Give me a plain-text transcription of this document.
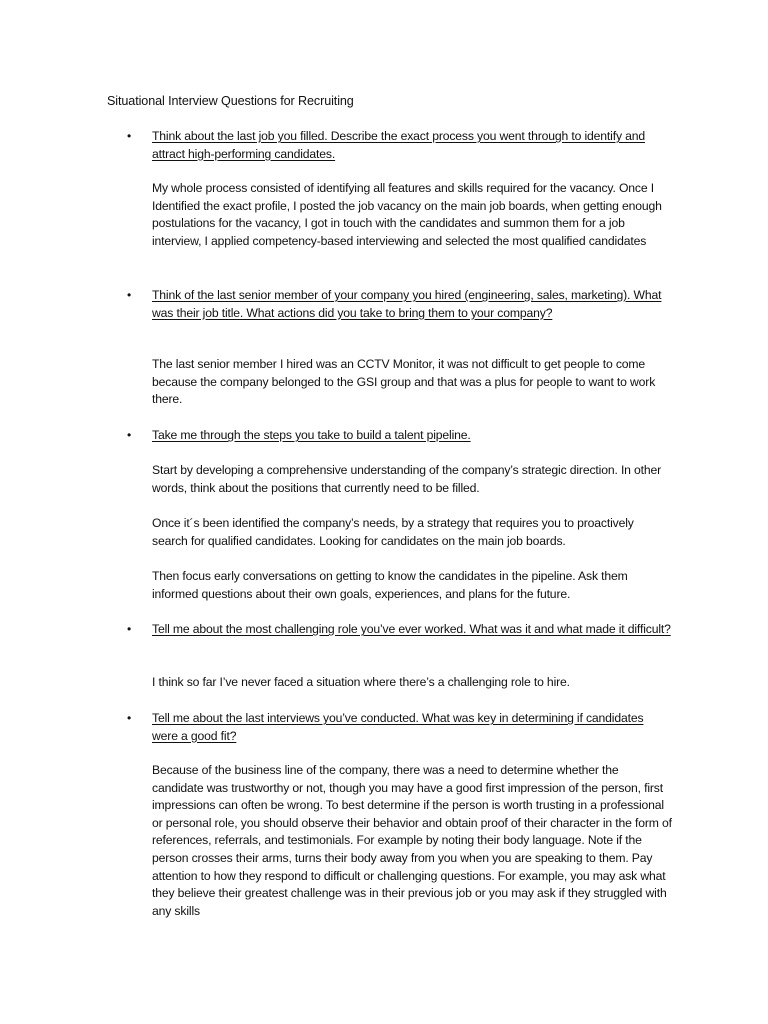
Situational Interview Questions for Recruiting
• Think about the last job you filled. Describe the exact process you went through to identify and attract high-performing candidates.

My whole process consisted of identifying all features and skills required for the vacancy. Once I Identified the exact profile, I posted the job vacancy on the main job boards, when getting enough postulations for the vacancy, I got in touch with the candidates and summon them for a job interview, I applied competency-based interviewing and selected the most qualified candidates

• Think of the last senior member of your company you hired (engineering, sales, marketing). What was their job title. What actions did you take to bring them to your company?

The last senior member I hired was an CCTV Monitor, it was not difficult to get people to come because the company belonged to the GSI group and that was a plus for people to want to work there.

• Take me through the steps you take to build a talent pipeline.

Start by developing a comprehensive understanding of the company’s strategic direction. In other words, think about the positions that currently need to be filled.

Once it´s been identified the company’s needs, by a strategy that requires you to proactively search for qualified candidates. Looking for candidates on the main job boards.

Then focus early conversations on getting to know the candidates in the pipeline. Ask them informed questions about their own goals, experiences, and plans for the future.

• Tell me about the most challenging role you’ve ever worked. What was it and what made it difficult?

I think so far I’ve never faced a situation where there’s a challenging role to hire.

• Tell me about the last interviews you’ve conducted. What was key in determining if candidates were a good fit?

Because of the business line of the company, there was a need to determine whether the candidate was trustworthy or not, though you may have a good first impression of the person, first impressions can often be wrong. To best determine if the person is worth trusting in a professional or personal role, you should observe their behavior and obtain proof of their character in the form of references, referrals, and testimonials. For example by noting their body language. Note if the person crosses their arms, turns their body away from you when you are speaking to them. Pay attention to how they respond to difficult or challenging questions. For example, you may ask what they believe their greatest challenge was in their previous job or you may ask if they struggled with any skills
